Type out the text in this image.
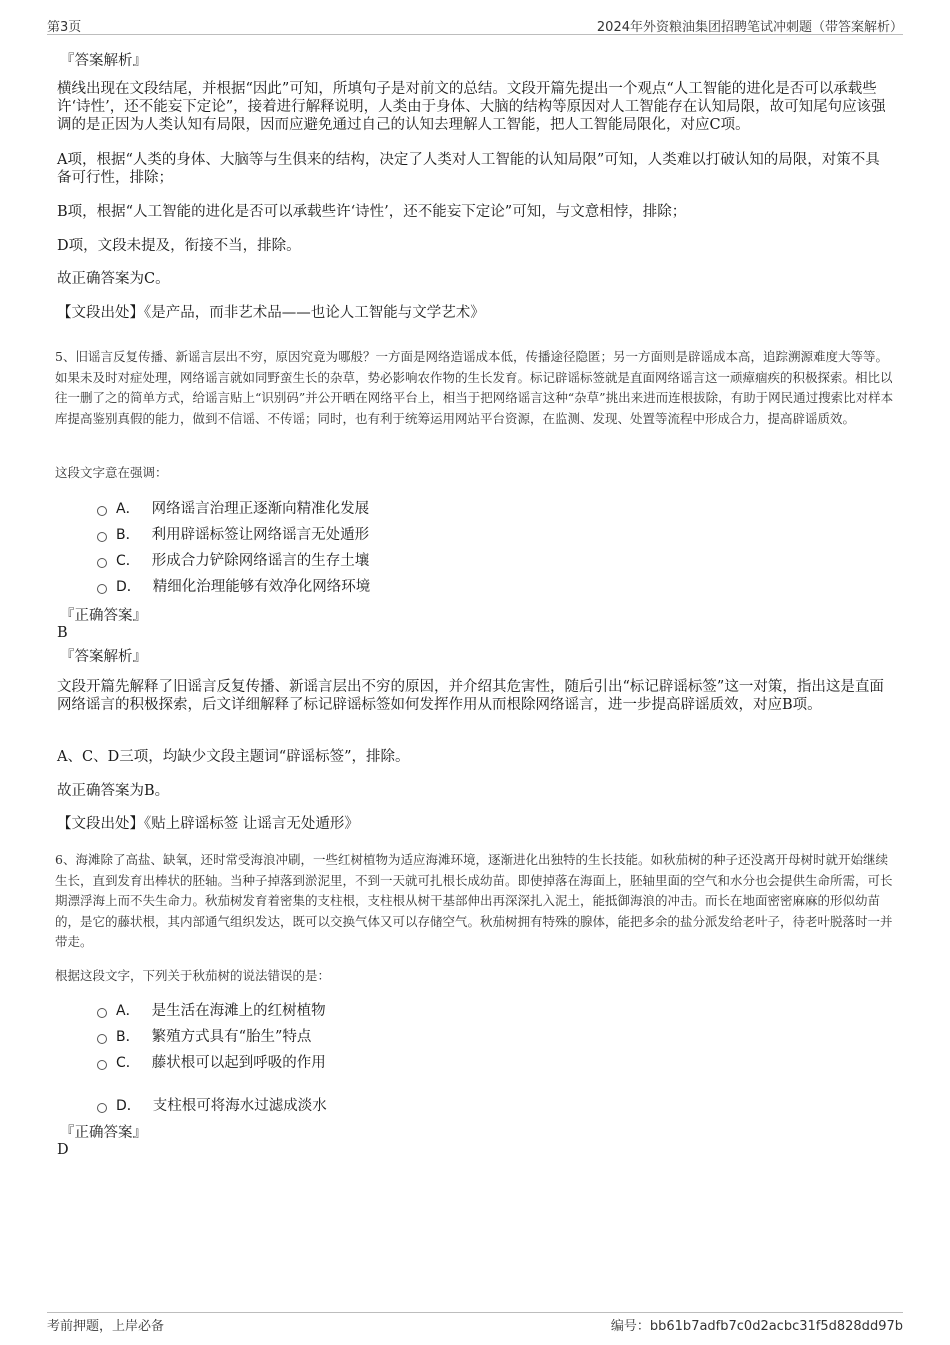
第3页	2024年外资粮油集团招聘笔试冲刺题（带答案解析）
『答案解析』
横线出现在文段结尾，并根据“因此”可知，所填句子是对前文的总结。文段开篇先提出一个观点“人工智能的进化是否可以承载些许‘诗性’，还不能妄下定论”，接着进行解释说明，人类由于身体、大脑的结构等原因对人工智能存在认知局限，故可知尾句应该强调的是正因为人类认知有局限，因而应避免通过自己的认知去理解人工智能，把人工智能局限化，对应C项。
A项，根据“人类的身体、大脑等与生俱来的结构，决定了人类对人工智能的认知局限”可知，人类难以打破认知的局限，对策不具备可行性，排除；
B项，根据“人工智能的进化是否可以承载些许‘诗性’，还不能妄下定论”可知，与文意相悖，排除；
D项，文段未提及，衔接不当，排除。
故正确答案为C。
【文段出处】《是产品，而非艺术品——也论人工智能与文学艺术》
5、旧谣言反复传播、新谣言层出不穷，原因究竟为哪般？一方面是网络造谣成本低，传播途径隐匿；另一方面则是辟谣成本高，追踪溯源难度大等等。如果未及时对症处理，网络谣言就如同野蛮生长的杂草，势必影响农作物的生长发育。标记辟谣标签就是直面网络谣言这一顽瘴痼疾的积极探索。相比以往一删了之的简单方式，给谣言贴上“识别码”并公开晒在网络平台上，相当于把网络谣言这种“杂草”挑出来进而连根拔除，有助于网民通过搜索比对样本库提高鉴别真假的能力，做到不信谣、不传谣；同时，也有利于统筹运用网站平台资源，在监测、发现、处置等流程中形成合力，提高辟谣质效。
这段文字意在强调：
A． 网络谣言治理正逐渐向精准化发展
B． 利用辟谣标签让网络谣言无处遁形
C． 形成合力铲除网络谣言的生存土壤
D． 精细化治理能够有效净化网络环境
『正确答案』
B
『答案解析』
文段开篇先解释了旧谣言反复传播、新谣言层出不穷的原因，并介绍其危害性，随后引出“标记辟谣标签”这一对策，指出这是直面网络谣言的积极探索，后文详细解释了标记辟谣标签如何发挥作用从而根除网络谣言，进一步提高辟谣质效，对应B项。
A、C、D三项，均缺少文段主题词“辟谣标签”，排除。
故正确答案为B。
【文段出处】《贴上辟谣标签 让谣言无处遁形》
6、海滩除了高盐、缺氧，还时常受海浪冲刷，一些红树植物为适应海滩环境，逐渐进化出独特的生长技能。如秋茄树的种子还没离开母树时就开始继续生长，直到发育出棒状的胚轴。当种子掉落到淤泥里，不到一天就可扎根长成幼苗。即使掉落在海面上，胚轴里面的空气和水分也会提供生命所需，可长期漂浮海上而不失生命力。秋茄树发育着密集的支柱根，支柱根从树干基部伸出再深深扎入泥土，能抵御海浪的冲击。而长在地面密密麻麻的形似幼苗的，是它的藤状根，其内部通气组织发达，既可以交换气体又可以存储空气。秋茄树拥有特殊的腺体，能把多余的盐分派发给老叶子，待老叶脱落时一并带走。
根据这段文字，下列关于秋茄树的说法错误的是：
A． 是生活在海滩上的红树植物
B． 繁殖方式具有“胎生”特点
C． 藤状根可以起到呼吸的作用
D． 支柱根可将海水过滤成淡水
『正确答案』
D
考前押题，上岸必备	编号：bb61b7adfb7c0d2acbc31f5d828dd97b
